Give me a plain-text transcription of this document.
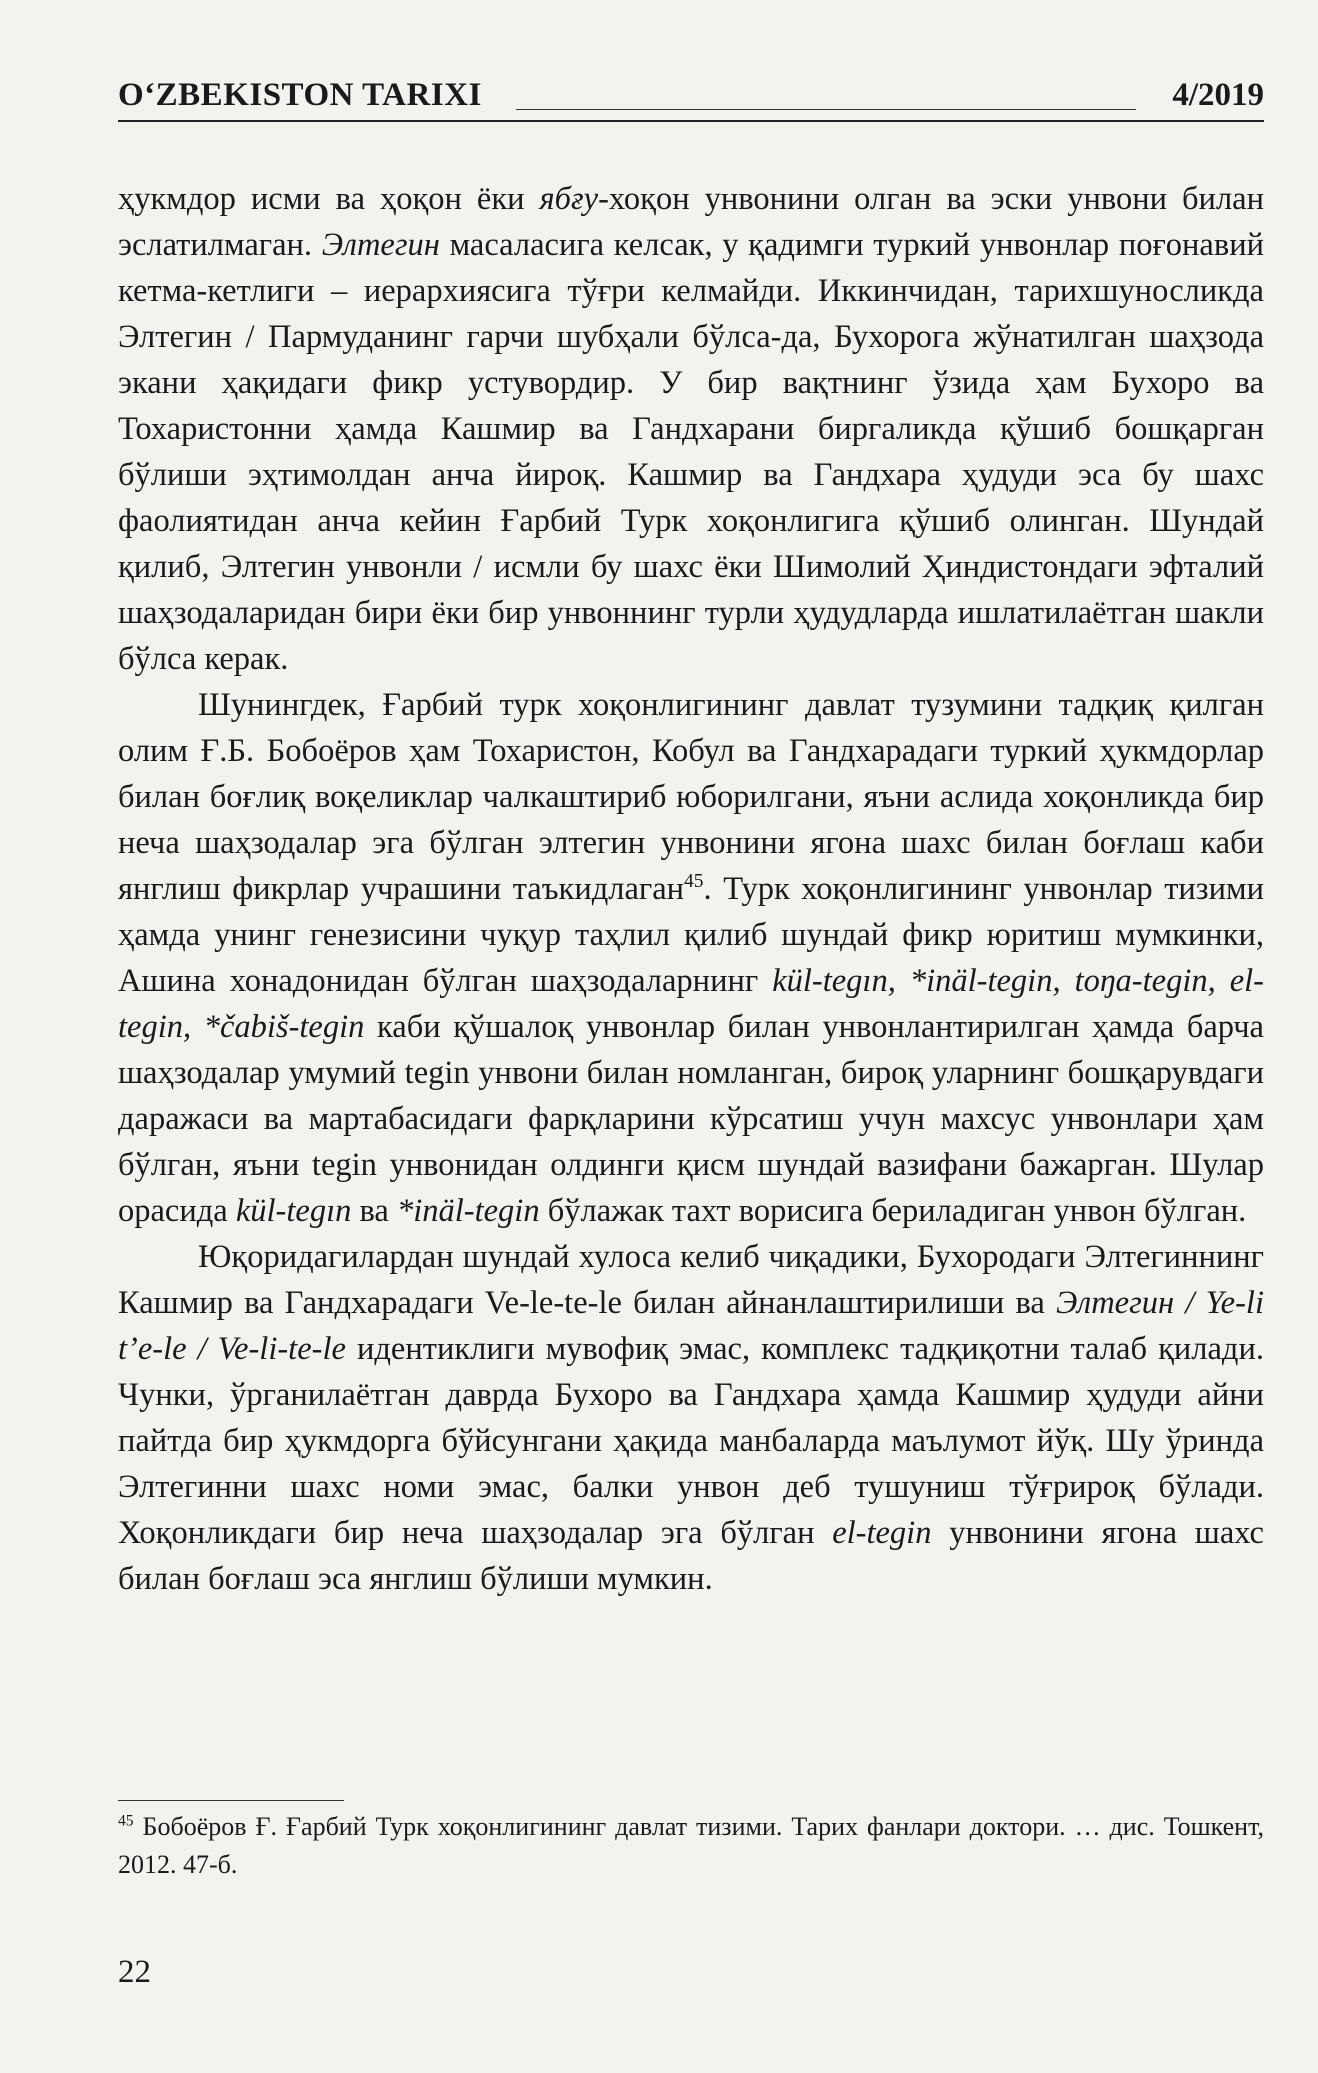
O‘ZBEKISTON TARIXI	4/2019

ҳукмдор исми ва ҳоқон ёки ябғу-хоқон унвонини олган ва эски унвони билан эслатилмаган. Элтегин масаласига келсак, у қадимги туркий унвонлар поғонавий кетма-кетлиги – иерархиясига тўғри келмайди. Иккинчидан, тарихшуносликда Элтегин / Пармуданинг гарчи шубҳали бўлса-да, Бухорога жўнатилган шаҳзода экани ҳақидаги фикр устувордир. У бир вақтнинг ўзида ҳам Бухоро ва Тохаристонни ҳамда Кашмир ва Гандхарани биргаликда қўшиб бошқарган бўлиши эҳтимолдан анча йироқ. Кашмир ва Гандхара ҳудуди эса бу шахс фаолиятидан анча кейин Ғарбий Турк хоқонлигига қўшиб олинган. Шундай қилиб, Элтегин унвонли / исмли бу шахс ёки Шимолий Ҳиндистондаги эфталий шаҳзодаларидан бири ёки бир унвоннинг турли ҳудудларда ишлатилаётган шакли бўлса керак.

Шунингдек, Ғарбий турк хоқонлигининг давлат тузумини тадқиқ қилган олим Ғ.Б. Бобоёров ҳам Тохаристон, Кобул ва Гандхарадаги туркий ҳукмдорлар билан боғлиқ воқеликлар чалкаштириб юборилгани, яъни аслида хоқонликда бир неча шаҳзодалар эга бўлган элтегин унвонини ягона шахс билан боғлаш каби янглиш фикрлар учрашини таъкидлаган$^{45}$. Турк хоқонлигининг унвонлар тизими ҳамда унинг генезисини чуқур таҳлил қилиб шундай фикр юритиш мумкинки, Ашина хонадонидан бўлган шаҳзодаларнинг kül-tegın, *inäl-tegin, toŋa-tegin, el-tegin, *čabiš-tegin каби қўшалоқ унвонлар билан унвонлантирилган ҳамда барча шаҳзодалар умумий tegin унвони билан номланган, бироқ уларнинг бошқарувдаги даражаси ва мартабасидаги фарқларини кўрсатиш учун махсус унвонлари ҳам бўлган, яъни tegin унвонидан олдинги қисм шундай вазифани бажарган. Шулар орасида kül-tegın ва *inäl-tegin бўлажак тахт ворисига бериладиган унвон бўлган.

Юқоридагилардан шундай хулоса келиб чиқадики, Бухородаги Элтегиннинг Кашмир ва Гандхарадаги Ve-le-te-le билан айнанлаштирилиши ва Элтегин / Ye-li t’e-le / Ve-li-te-le идентиклиги мувофиқ эмас, комплекс тадқиқотни талаб қилади. Чунки, ўрганилаётган даврда Бухоро ва Гандхара ҳамда Кашмир ҳудуди айни пайтда бир ҳукмдорга бўйсунгани ҳақида манбаларда маълумот йўқ. Шу ўринда Элтегинни шахс номи эмас, балки унвон деб тушуниш тўғрироқ бўлади. Хоқонликдаги бир неча шаҳзодалар эга бўлган el-tegin унвонини ягона шахс билан боғлаш эса янглиш бўлиши мумкин.

$^{45}$ Бобоёров Ғ. Ғарбий Турк хоқонлигининг давлат тизими. Тарих фанлари доктори. … дис. Тошкент, 2012. 47-б.
22
